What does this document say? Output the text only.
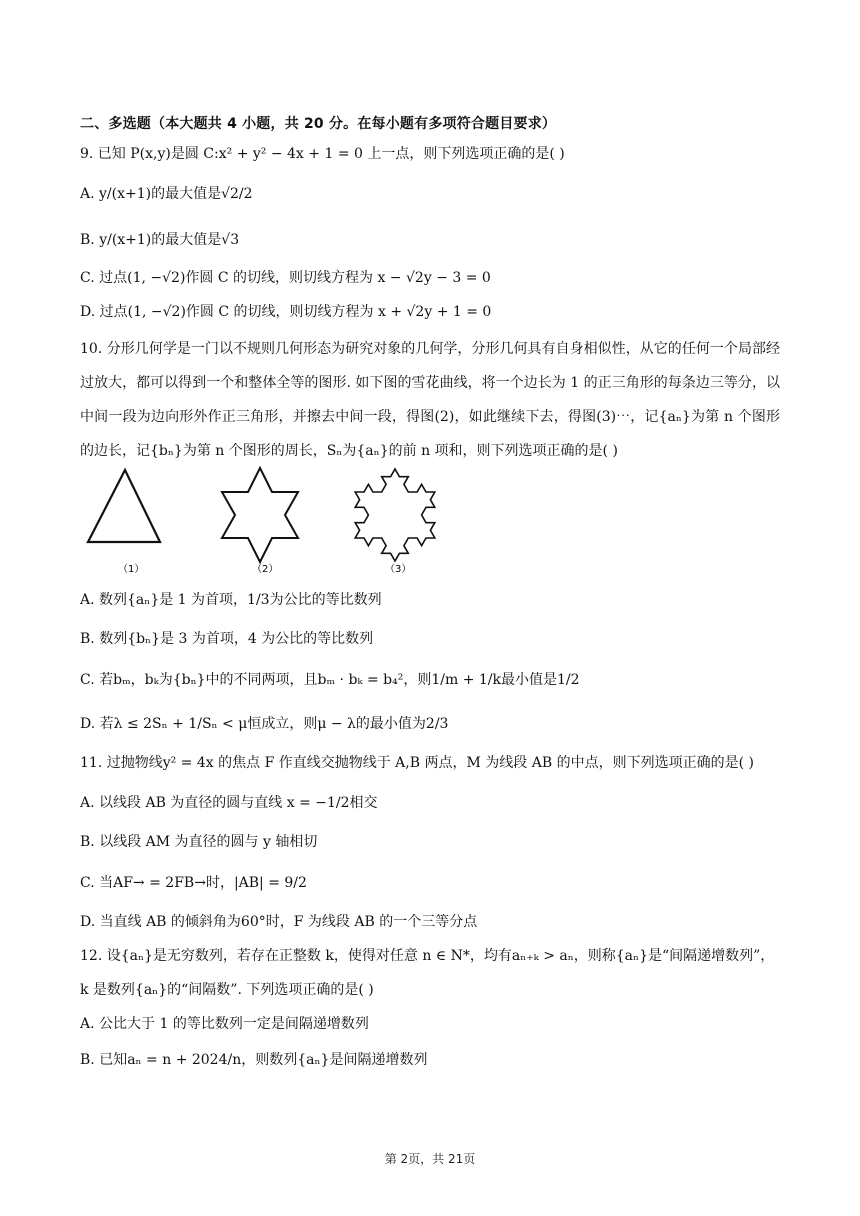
二、多选题（本大题共 4 小题，共 20 分。在每小题有多项符合题目要求）
9. 已知 P(x,y)是圆 C:x² + y² − 4x + 1 = 0 上一点，则下列选项正确的是( )
A. y/(x+1)的最大值是√2/2
B. y/(x+1)的最大值是√3
C. 过点(1, −√2)作圆 C 的切线，则切线方程为 x − √2y − 3 = 0
D. 过点(1, −√2)作圆 C 的切线，则切线方程为 x + √2y + 1 = 0
10. 分形几何学是一门以不规则几何形态为研究对象的几何学，分形几何具有自身相似性，从它的任何一个局部经过放大，都可以得到一个和整体全等的图形. 如下图的雪花曲线，将一个边长为 1 的正三角形的每条边三等分，以中间一段为边向形外作正三角形，并擦去中间一段，得图(2)，如此继续下去，得图(3)⋯，记{aₙ}为第 n 个图形的边长，记{bₙ}为第 n 个图形的周长，Sₙ为{aₙ}的前 n 项和，则下列选项正确的是( )
（1）	（2）	（3）
A. 数列{aₙ}是 1 为首项，1/3为公比的等比数列
B. 数列{bₙ}是 3 为首项，4 为公比的等比数列
C. 若bₘ，bₖ为{bₙ}中的不同两项，且bₘ · bₖ = b₄²，则1/m + 1/k最小值是1/2
D. 若λ ≤ 2Sₙ + 1/Sₙ < μ恒成立，则μ − λ的最小值为2/3
11. 过抛物线y² = 4x 的焦点 F 作直线交抛物线于 A,B 两点，M 为线段 AB 的中点，则下列选项正确的是( )
A. 以线段 AB 为直径的圆与直线 x = −1/2相交
B. 以线段 AM 为直径的圆与 y 轴相切
C. 当AF→ = 2FB→时，|AB| = 9/2
D. 当直线 AB 的倾斜角为60°时，F 为线段 AB 的一个三等分点
12. 设{aₙ}是无穷数列，若存在正整数 k，使得对任意 n ∈ N*，均有aₙ₊ₖ > aₙ，则称{aₙ}是“间隔递增数列”，
k 是数列{aₙ}的“间隔数”. 下列选项正确的是( )
A. 公比大于 1 的等比数列一定是间隔递增数列
B. 已知aₙ = n + 2024/n，则数列{aₙ}是间隔递增数列
第 2页，共 21页
